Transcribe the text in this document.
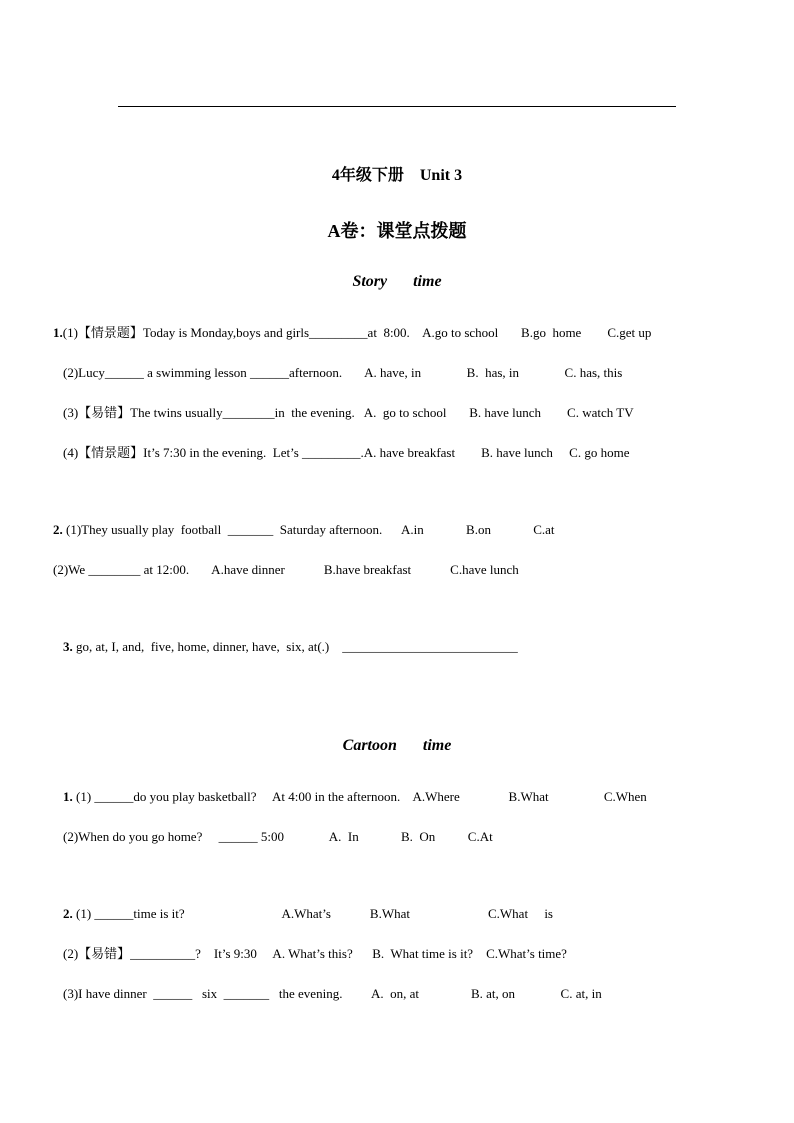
4年级下册　Unit 3
A卷：课堂点拨题
Story time
1.(1)【情景题】Today is Monday,boys and girls_________at  8:00.    A.go to school       B.go  home        C.get up
(2)Lucy______ a swimming lesson ______afternoon.       A. have, in              B.  has, in              C. has, this
(3)【易错】The twins usually________in  the evening.   A.  go to school       B. have lunch        C. watch TV
(4)【情景题】It’s 7:30 in the evening.  Let’s _________.A. have breakfast        B. have lunch     C. go home
2. (1)They usually play  football  _______  Saturday afternoon.      A.in             B.on             C.at
(2)We ________ at 12:00.       A.have dinner            B.have breakfast            C.have lunch
3. go, at, I, and,  five, home, dinner, have,  six, at(.)    ___________________________
Cartoon time
1. (1) ______do you play basketball?     At 4:00 in the afternoon.    A.Where               B.What                 C.When
(2)When do you go home?     ______ 5:00              A.  In             B.  On          C.At
2. (1) ______time is it?                              A.What’s            B.What                        C.What     is
(2)【易错】__________?    It’s 9:30     A. What’s this?      B.  What time is it?    C.What’s time?
(3)I have dinner  ______   six  _______   the evening.         A.  on, at                B. at, on              C. at, in
